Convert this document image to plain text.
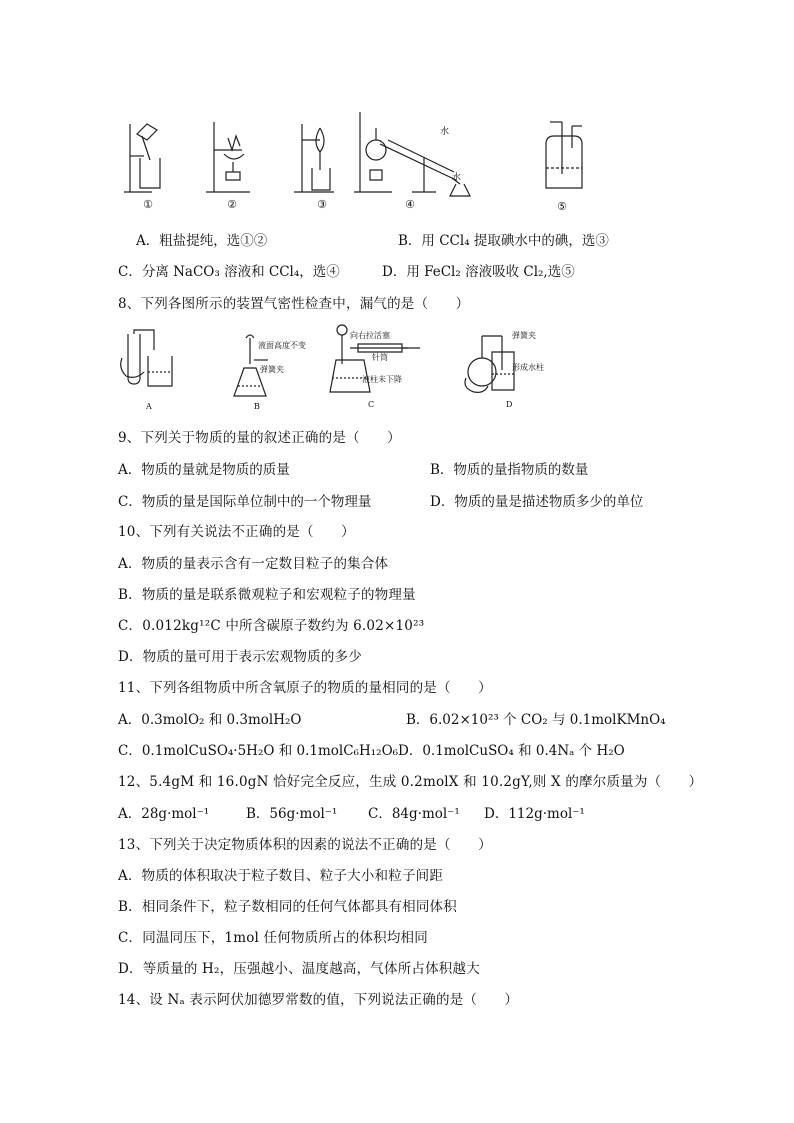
水
水
①	②	③	④	⑤
A．粗盐提纯，选①②	B．用 CCl₄ 提取碘水中的碘，选③
C．分离 NaCO₃ 溶液和 CCl₄，选④	D．用 FeCl₂ 溶液吸收 Cl₂,选⑤
8、下列各图所示的装置气密性检查中，漏气的是（　　）
A
液面高度不变
弹簧夹
B
向右拉活塞
针筒
液柱未下降
C
弹簧夹
形成水柱
D
9、下列关于物质的量的叙述正确的是（　　）
A．物质的量就是物质的质量	B．物质的量指物质的数量
C．物质的量是国际单位制中的一个物理量	D．物质的量是描述物质多少的单位
10、下列有关说法不正确的是（　　）
A．物质的量表示含有一定数目粒子的集合体
B．物质的量是联系微观粒子和宏观粒子的物理量
C．0.012kg¹²C 中所含碳原子数约为 6.02×10²³
D．物质的量可用于表示宏观物质的多少
11、下列各组物质中所含氧原子的物质的量相同的是（　　）
A．0.3molO₂ 和 0.3molH₂O	B．6.02×10²³ 个 CO₂ 与 0.1molKMnO₄
C．0.1molCuSO₄·5H₂O 和 0.1molC₆H₁₂O₆ D．0.1molCuSO₄ 和 0.4Nₐ 个 H₂O
12、5.4gM 和 16.0gN 恰好完全反应，生成 0.2molX 和 10.2gY,则 X 的摩尔质量为（　　）
A．28g·mol⁻¹	B．56g·mol⁻¹ C．84g·mol⁻¹ D．112g·mol⁻¹
13、下列关于决定物质体积的因素的说法不正确的是（　　）
A．物质的体积取决于粒子数目、粒子大小和粒子间距
B．相同条件下，粒子数相同的任何气体都具有相同体积
C．同温同压下，1mol 任何物质所占的体积均相同
D．等质量的 H₂，压强越小、温度越高，气体所占体积越大
14、设 Nₐ 表示阿伏加德罗常数的值，下列说法正确的是（　　）
